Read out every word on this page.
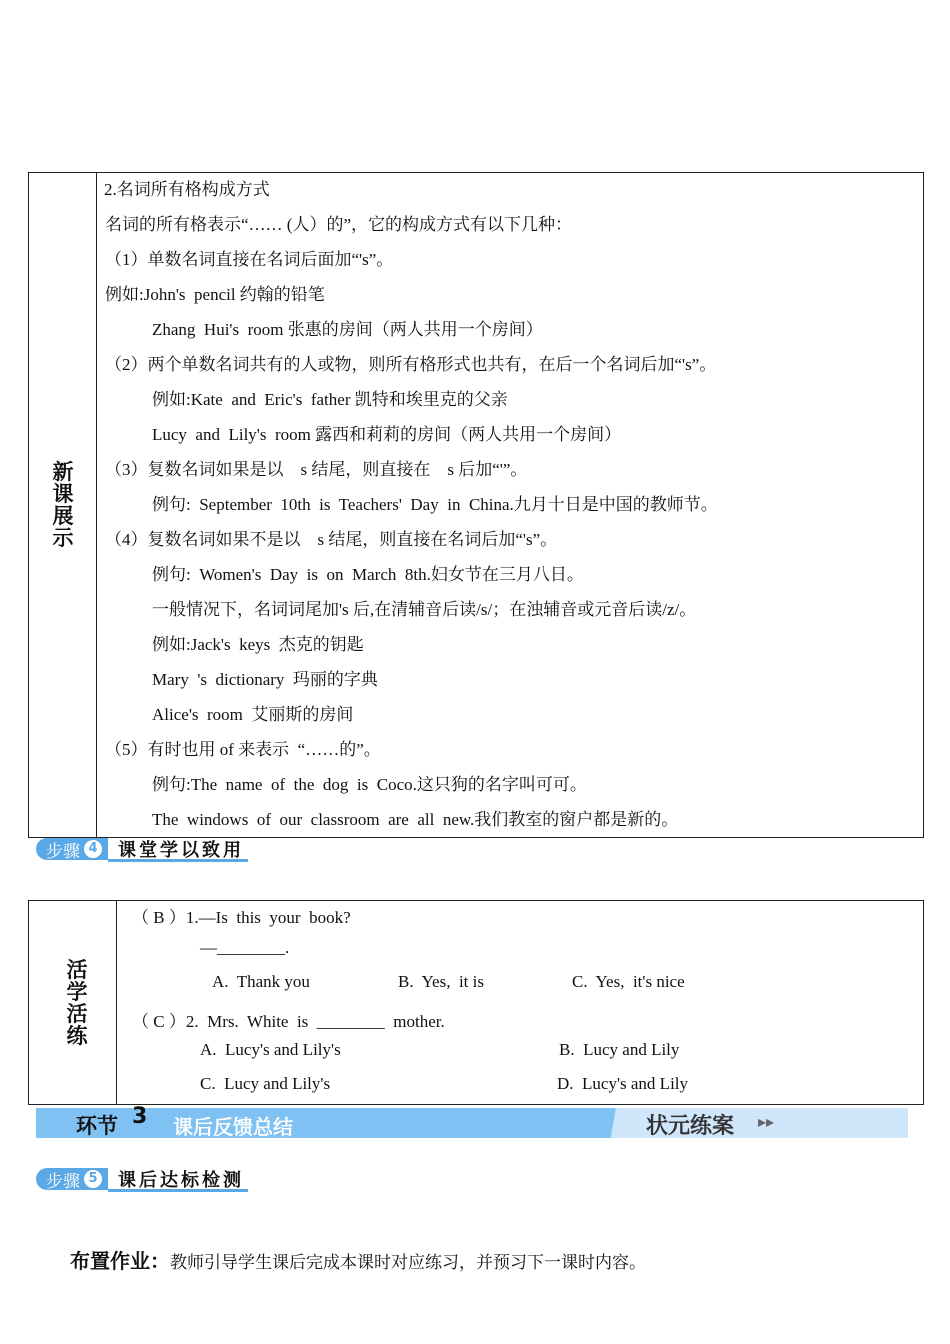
新课展示
2.名词所有格构成方式
名词的所有格表示“…… (人）的”，它的构成方式有以下几种：
（1）单数名词直接在名词后面加“'s”。
例如:John's  pencil 约翰的铅笔
Zhang  Hui's  room 张惠的房间（两人共用一个房间）
（2）两个单数名词共有的人或物，则所有格形式也共有，在后一个名词后加“'s”。
例如:Kate  and  Eric's  father 凯特和埃里克的父亲
Lucy  and  Lily's  room 露西和莉莉的房间（两人共用一个房间）
（3）复数名词如果是以    s 结尾，则直接在    s 后加“'”。
例句:  September  10th  is  Teachers'  Day  in  China.九月十日是中国的教师节。
（4）复数名词如果不是以    s 结尾，则直接在名词后加“'s”。
例句:  Women's  Day  is  on  March  8th.妇女节在三月八日。
一般情况下，名词词尾加's 后,在清辅音后读/s/；在浊辅音或元音后读/z/。
例如:Jack's  keys  杰克的钥匙
Mary  's  dictionary  玛丽的字典
Alice's  room  艾丽斯的房间
（5）有时也用 of 来表示  “……的”。
例句:The  name  of  the  dog  is  Coco.这只狗的名字叫可可。
The  windows  of  our  classroom  are  all  new.我们教室的窗户都是新的。
步骤 4	课堂学以致用
活学活练
（ B ）1.—Is  this  your  book?
—________.
A.  Thank you	B.  Yes,  it is	C.  Yes,  it's nice
（ C ）2.  Mrs.  White  is  ________  mother.
A.  Lucy's and Lily's	B.  Lucy and Lily
C.  Lucy and Lily's	D.  Lucy's and Lily
环节 3 课后反馈总结	状元练案 ▸▸
步骤 5	课后达标检测
布置作业：教师引导学生课后完成本课时对应练习，并预习下一课时内容。
